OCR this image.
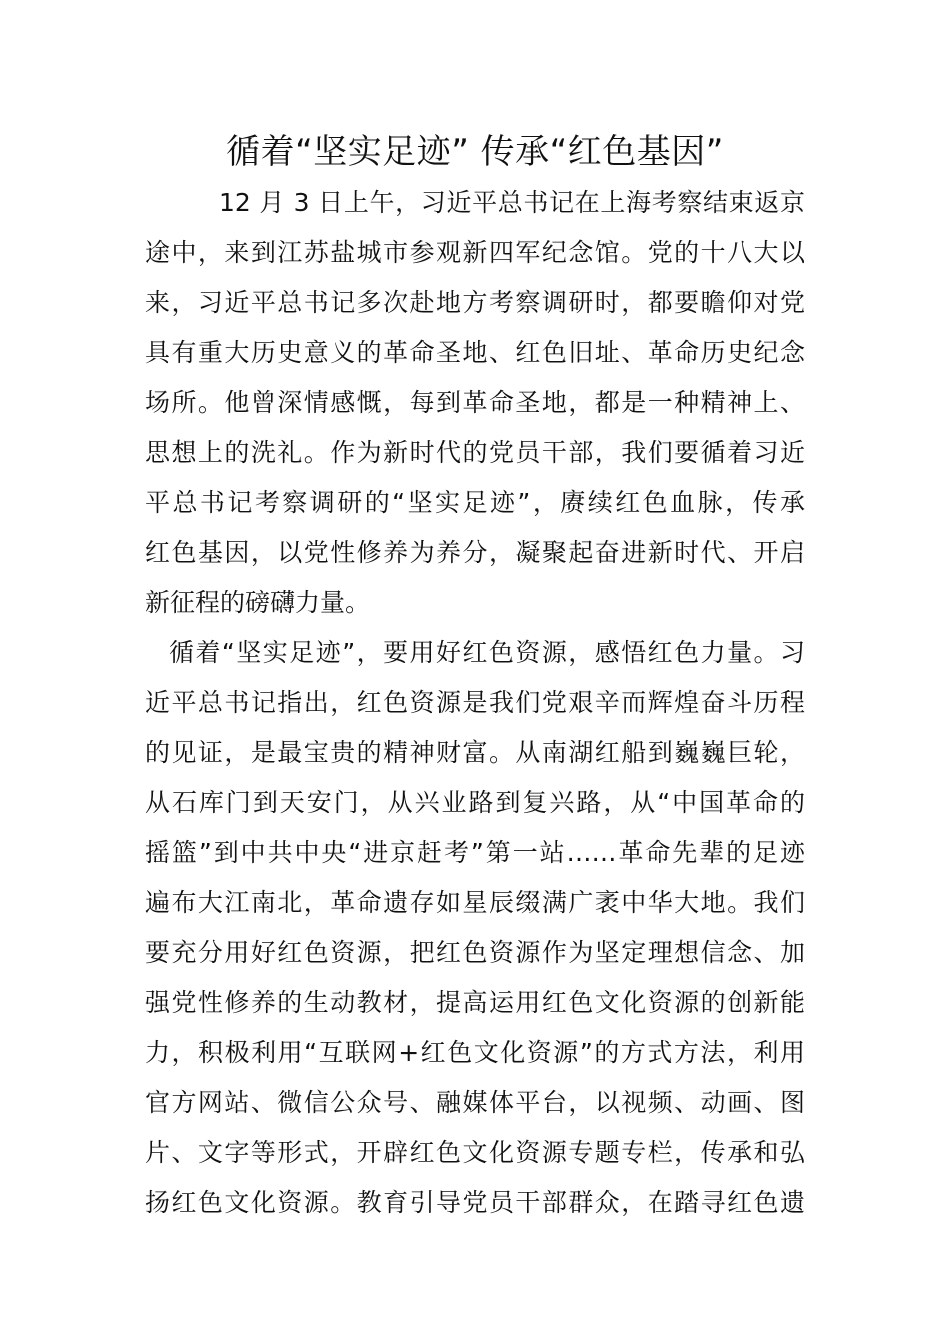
循着“坚实足迹” 传承“红色基因”
12 月 3 日上午，习近平总书记在上海考察结束返京
途中，来到江苏盐城市参观新四军纪念馆。党的十八大以
来，习近平总书记多次赴地方考察调研时，都要瞻仰对党
具有重大历史意义的革命圣地、红色旧址、革命历史纪念
场所。他曾深情感慨，每到革命圣地，都是一种精神上、
思想上的洗礼。作为新时代的党员干部，我们要循着习近
平总书记考察调研的“坚实足迹”，赓续红色血脉，传承
红色基因，以党性修养为养分，凝聚起奋进新时代、开启
新征程的磅礴力量。
循着“坚实足迹”，要用好红色资源，感悟红色力量。习
近平总书记指出，红色资源是我们党艰辛而辉煌奋斗历程
的见证，是最宝贵的精神财富。从南湖红船到巍巍巨轮，
从石库门到天安门，从兴业路到复兴路，从“中国革命的
摇篮”到中共中央“进京赶考”第一站……革命先辈的足迹
遍布大江南北，革命遗存如星辰缀满广袤中华大地。我们
要充分用好红色资源，把红色资源作为坚定理想信念、加
强党性修养的生动教材，提高运用红色文化资源的创新能
力，积极利用“互联网+红色文化资源”的方式方法，利用
官方网站、微信公众号、融媒体平台，以视频、动画、图
片、文字等形式，开辟红色文化资源专题专栏，传承和弘
扬红色文化资源。教育引导党员干部群众，在踏寻红色遗
